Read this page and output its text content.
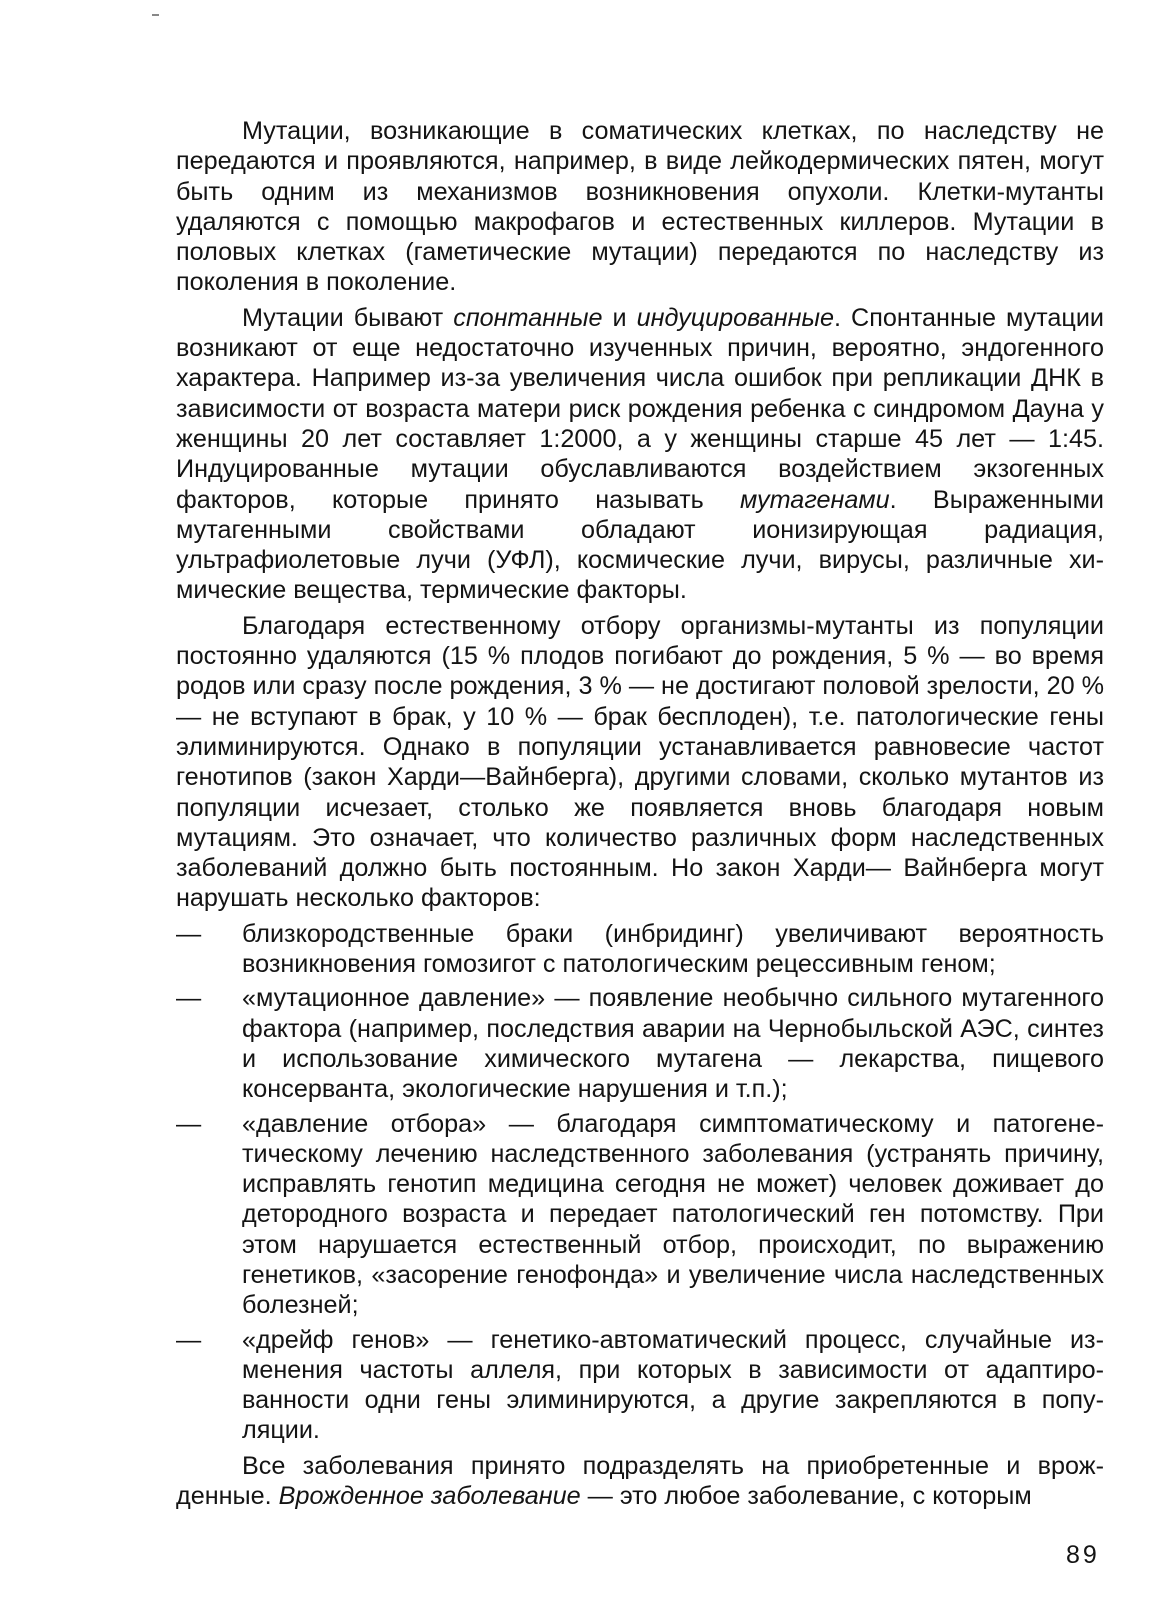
Мутации, возникающие в соматических клетках, по наследству не передаются и проявляются, например, в виде лейкодермических пятен, могут быть одним из механизмов возникновения опухоли. Клетки-мутанты удаляются с помощью макрофагов и естественных киллеров. Мутации в половых клетках (гаметические мутации) передаются по наследству из поколения в поколение.

Мутации бывают спонтанные и индуцированные. Спонтанные мутации возникают от еще недостаточно изученных причин, вероятно, эндогенного характера. Например из-за увеличения числа ошибок при репликации ДНК в зависимости от возраста матери риск рождения ребенка с синдромом Дауна у женщины 20 лет составляет 1:2000, а у женщины старше 45 лет — 1:45. Индуцированные мутации обуславливаются воздействием экзогенных факторов, которые принято называть мутагенами. Выраженными мутагенными свойствами обладают ионизирующая радиация, ультрафиолетовые лучи (УФЛ), космические лучи, вирусы, различные химические вещества, термические факторы.

Благодаря естественному отбору организмы-мутанты из популяции постоянно удаляются (15 % плодов погибают до рождения, 5 % — во время родов или сразу после рождения, 3 % — не достигают половой зрелости, 20 % — не вступают в брак, у 10 % — брак бесплоден), т.е. патологические гены элиминируются. Однако в популяции устанавливается равновесие частот генотипов (закон Харди—Вайнберга), другими словами, сколько мутантов из популяции исчезает, столько же появляется вновь благодаря новым мутациям. Это означает, что количество различных форм наследственных заболеваний должно быть постоянным. Но закон Харди— Вайнберга могут нарушать несколько факторов:

— близкородственные браки (инбридинг) увеличивают вероятность возникновения гомозигот с патологическим рецессивным геном;
— «мутационное давление» — появление необычно сильного мутагенного фактора (например, последствия аварии на Чернобыльской АЭС, синтез и использование химического мутагена — лекарства, пищевого консерванта, экологические нарушения и т.п.);
— «давление отбора» — благодаря симптоматическому и патогенетическому лечению наследственного заболевания (устранять причину, исправлять генотип медицина сегодня не может) человек доживает до детородного возраста и передает патологический ген потомству. При этом нарушается естественный отбор, происходит, по выражению генетиков, «засорение генофонда» и увеличение числа наследственных болезней;
— «дрейф генов» — генетико-автоматический процесс, случайные изменения частоты аллеля, при которых в зависимости от адаптированности одни гены элиминируются, а другие закрепляются в популяции.

Все заболевания принято подразделять на приобретенные и врожденные. Врожденное заболевание — это любое заболевание, с которым

89
